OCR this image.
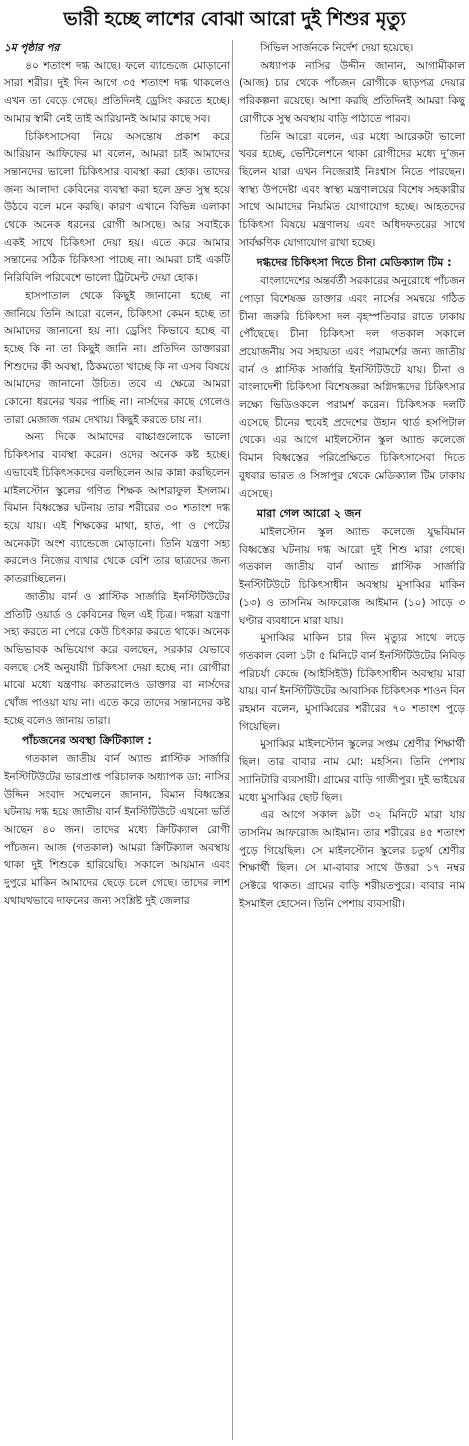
ভারী হচ্ছে লাশের বোঝা আরো দুই শিশুর মৃত্যু

১ম পৃষ্ঠার পর

৪০ শতাংশ দগ্ধ আছে। ফলে ব্যান্ডেজে মোড়ানো সারা শরীর। দুই দিন আগে ৩৫ শতাংশ দগ্ধ থাকলেও এখন তা বেড়ে গেছে। প্রতিদিনই ড্রেসিং করতে হচ্ছে। আমার স্বামী নেই তাই আরিয়ানই আমার কাছে সব।

চিকিৎসাসেবা নিয়ে অসন্তোষ প্রকাশ করে আরিয়ান আফিফের মা বলেন, আমরা চাই আমাদের সন্তানদের ভালো চিকিৎসার ব্যবস্থা করা হোক। তাদের জন্য আলাদা কেবিনের ব্যবস্থা করা হলে দ্রুত সুস্থ হয়ে উঠবে বলে মনে করছি। কারণ এখানে বিভিন্ন এলাকা থেকে অনেক ধরনের রোগী আসছে। আর সবাইকে একই সাথে চিকিৎসা দেয়া হয়। এতে করে আমার সন্তানের সঠিক চিকিৎসা পাচ্ছে না। আমরা চাই একটি নিরিবিলি পরিবেশে ভালো ট্রিটমেন্ট দেয়া হোক।

হাসপাতাল থেকে কিছুই জানানো হচ্ছে না জানিয়ে তিনি আরো বলেন, চিকিৎসা কেমন হচ্ছে তা আমাদের জানানো হয় না। ড্রেসিং কিভাবে হচ্ছে বা হচ্ছে কি না তা কিছুই জানি না। প্রতিদিন ডাক্তাররা শিশুদের কী অবস্থা, ঠিকমতো খাচ্ছে কি না এসব বিষয়ে আমাদের জানানো উচিত। তবে এ ক্ষেত্রে আমরা কোনো ধরনের খবর পাচ্ছি না। নার্সদের কাছে গেলেও তারা মেজাজ গরম দেখায়। কিছুই করতে চায় না।

অন্য দিকে আমাদের বাচ্চাগুলোকে ভালো চিকিৎসার ব্যবস্থা করেন। ওদের অনেক কষ্ট হচ্ছে। এভাবেই চিকিৎসকদের বলছিলেন আর কান্না করছিলেন মাইলস্টোন স্কুলের গণিত শিক্ষক আশরাফুল ইসলাম। বিমান বিধ্বস্তের ঘটনায় তার শরীরের ৩০ শতাংশ দগ্ধ হয়ে যায়। এই শিক্ষকের মাথা, হাত, পা ও পেটের অনেকটা অংশ ব্যান্ডেজে মোড়ানো। তিনি যন্ত্রণা সহ্য করলেও নিজের ব্যথার থেকে বেশি তার ছাত্রদের জন্য কাতরাচ্ছিলেন।

জাতীয় বার্ন ও প্লাস্টিক সার্জারি ইনস্টিটিউটের প্রতিটি ওয়ার্ড ও কেবিনের ছিল এই চিত্র। দগ্ধরা যন্ত্রণা সহ্য করতে না পেরে কেউ চিৎকার করতে থাকে। অনেক অভিভাবক অভিযোগ করে বলছেন, সরকার যেভাবে বলছে সেই অনুযায়ী চিকিৎসা দেয়া হচ্ছে না। রোগীরা মাঝে মধ্যে যন্ত্রণায় কাতরালেও ডাক্তার বা নার্সদের খোঁজ পাওয়া যায় না। এতে করে তাদের সন্তানদের কষ্ট হচ্ছে বলেও জানায় তারা।

পাঁচজনের অবস্থা ক্রিটিক্যাল :

গতকাল জাতীয় বার্ন অ্যান্ড প্লাস্টিক সার্জারি ইনস্টিটিউটের ভারপ্রাপ্ত পরিচালক অধ্যাপক ডা: নাসির উদ্দিন সংবাদ সম্মেলনে জানান, বিমান বিধ্বস্তের ঘটনায় দগ্ধ হয়ে জাতীয় বার্ন ইনস্টিটিউটে এখনো ভর্তি আছেন ৪০ জন। তাদের মধ্যে ক্রিটিক্যাল রোগী পাঁচজন। আজ (গতকাল) আমরা ক্রিটিক্যাল অবস্থায় থাকা দুই শিশুকে হারিয়েছি। সকালে আয়মান এবং দুপুরে মাকিন আমাদের ছেড়ে চলে গেছে। তাদের লাশ যথাযথভাবে দাফনের জন্য সংশ্লিষ্ট দুই জেলার

সিভিল সার্জনকে নির্দেশ দেয়া হয়েছে।

অধ্যাপক নাসির উদ্দীন জানান, আগামীকাল (আজ) চার থেকে পাঁচজন রোগীকে ছাড়পত্র দেয়ার পরিকল্পনা রয়েছে। আশা করছি প্রতিদিনই আমরা কিছু রোগীকে সুস্থ অবস্থায় বাড়ি পাঠাতে পারব।

তিনি আরো বলেন, এর মধ্যে আরেকটা ভালো খবর হচ্ছে, ভেন্টিলেশনে থাকা রোগীদের মধ্যে দু’জন ছিলেন যারা এখন নিজেরাই নিঃশ্বাস নিতে পারছেন। স্বাস্থ্য উপদেষ্টা এবং স্বাস্থ্য মন্ত্রণালয়ের বিশেষ সহকারীর সাথে আমাদের নিয়মিত যোগাযোগ হচ্ছে। আহতদের চিকিৎসা বিষয়ে মন্ত্রণালয় এবং অধিদফতরের সাথে সার্বক্ষণিক যোগাযোগ রাখা হচ্ছে।

দগ্ধদের চিকিৎসা দিতে চীনা মেডিক্যাল টিম :

বাংলাদেশের অন্তর্বর্তী সরকারের অনুরোধে পাঁচজন পোড়া বিশেষজ্ঞ ডাক্তার এবং নার্সের সমন্বয়ে গঠিত চীনা জরুরি চিকিৎসা দল বৃহস্পতিবার রাতে ঢাকায় পৌঁছেছে। চীনা চিকিৎসা দল গতকাল সকালে প্রয়োজনীয় সব সহায়তা এবং পরামর্শের জন্য জাতীয় বার্ন ও প্লাস্টিক সার্জারি ইনস্টিটিউটে যায়। চীনা ও বাংলাদেশী চিকিৎসা বিশেষজ্ঞরা অগ্নিদগ্ধদের চিকিৎসার লক্ষ্যে ভিডিওকলে পরামর্শ করেন। চিকিৎসক দলটি এসেছে চীনের হুবেই প্রদেশের উহান থার্ড হসপিটাল থেকে। এর আগে মাইলস্টোন স্কুল অ্যান্ড কলেজে বিমান বিধ্বস্তের পরিপ্রেক্ষিতে চিকিৎসাসেবা দিতে বুধবার ভারত ও সিঙ্গাপুর থেকে মেডিক্যাল টিম ঢাকায় এসেছে।

মারা গেল আরো ২ জন

মাইলস্টোন স্কুল অ্যান্ড কলেজে যুদ্ধবিমান বিধ্বস্তের ঘটনায় দগ্ধ আরো দুই শিশু মারা গেছে। গতকাল জাতীয় বার্ন অ্যান্ড প্লাস্টিক সার্জারি ইনস্টিটিউটে চিকিৎসাধীন অবস্থায় মুসাব্বির মাকিন (১৩) ও তাসনিম আফরোজ আইমান (১০) সাড়ে ৩ ঘণ্টার ব্যবধানে মারা যায়।

মুসাব্বির মাকিন চার দিন মৃত্যুর সাথে লড়ে গতকাল বেলা ১টা ৫ মিনিটে বার্ন ইনস্টিটিউটের নিবিড় পরিচর্যা কেন্দ্রে (আইসিইউ) চিকিৎসাধীন অবস্থায় মারা যায়। বার্ন ইনস্টিটিউটের আবাসিক চিকিৎসক শাওন বিন রহমান বলেন, মুসাব্বিরের শরীরের ৭০ শতাংশ পুড়ে গিয়েছিল।

মুসাব্বির মাইলস্টোন স্কুলের সপ্তম শ্রেণীর শিক্ষার্থী ছিল। তার বাবার নাম মো: মহসিন। তিনি পেশায় স্যানিটারি ব্যবসায়ী। গ্রামের বাড়ি গাজীপুর। দুই ভাইয়ের মধ্যে মুসাব্বির ছোট ছিল।

এর আগে সকাল ৯টা ৩২ মিনিটে মারা যায় তাসনিম আফরোজ আইমান। তার শরীরের ৪৫ শতাংশ পুড়ে গিয়েছিল। সে মাইলস্টোন স্কুলের চতুর্থ শ্রেণীর শিক্ষার্থী ছিল। সে মা-বাবার সাথে উত্তরা ১৭ নম্বর সেক্টরে থাকত। গ্রামের বাড়ি শরীয়তপুরে। বাবার নাম ইসমাইল হোসেন। তিনি পেশায় ব্যবসায়ী।
